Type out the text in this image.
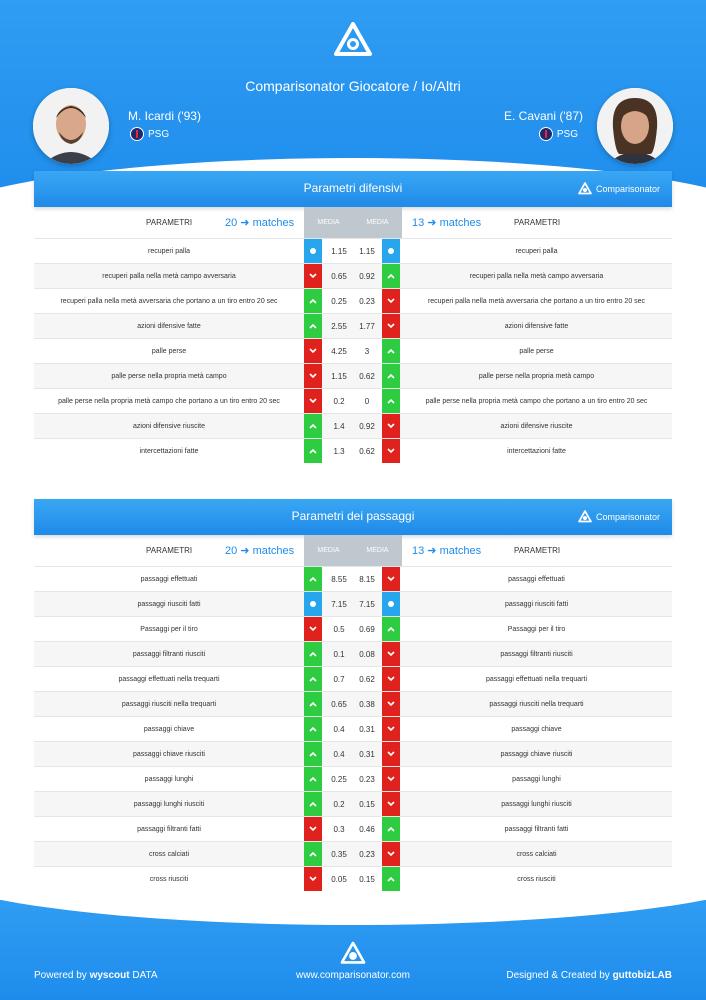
Comparisonator Giocatore / Io/Altri
M. Icardi ('93)
PSG
E. Cavani ('87)
PSG
Parametri difensivi	Comparisonator
PARAMETRI	20 ➜ matches	MEDIA	MEDIA	13 ➜ matches	PARAMETRI
recuperi palla	1.15	1.15	recuperi palla
recuperi palla nella metà campo avversaria	0.65	0.92	recuperi palla nella metà campo avversaria
recuperi palla nella metà avversaria che portano a un tiro entro 20 sec	0.25	0.23	recuperi palla nella metà avversaria che portano a un tiro entro 20 sec
azioni difensive fatte	2.55	1.77	azioni difensive fatte
palle perse	4.25	3	palle perse
palle perse nella propria metà campo	1.15	0.62	palle perse nella propria metà campo
palle perse nella propria metà campo che portano a un tiro entro 20 sec	0.2	0	palle perse nella propria metà campo che portano a un tiro entro 20 sec
azioni difensive riuscite	1.4	0.92	azioni difensive riuscite
intercettazioni fatte	1.3	0.62	intercettazioni fatte
Parametri dei passaggi	Comparisonator
PARAMETRI	20 ➜ matches	MEDIA	MEDIA	13 ➜ matches	PARAMETRI
passaggi effettuati	8.55	8.15	passaggi effettuati
passaggi riusciti fatti	7.15	7.15	passaggi riusciti fatti
Passaggi per il tiro	0.5	0.69	Passaggi per il tiro
passaggi filtranti riusciti	0.1	0.08	passaggi filtranti riusciti
passaggi effettuati nella trequarti	0.7	0.62	passaggi effettuati nella trequarti
passaggi riusciti nella trequarti	0.65	0.38	passaggi riusciti nella trequarti
passaggi chiave	0.4	0.31	passaggi chiave
passaggi chiave riusciti	0.4	0.31	passaggi chiave riusciti
passaggi lunghi	0.25	0.23	passaggi lunghi
passaggi lunghi riusciti	0.2	0.15	passaggi lunghi riusciti
passaggi filtranti fatti	0.3	0.46	passaggi filtranti fatti
cross calciati	0.35	0.23	cross calciati
cross riusciti	0.05	0.15	cross riusciti
Powered by wyscout DATA	www.comparisonator.com	Designed & Created by guttobizLAB
